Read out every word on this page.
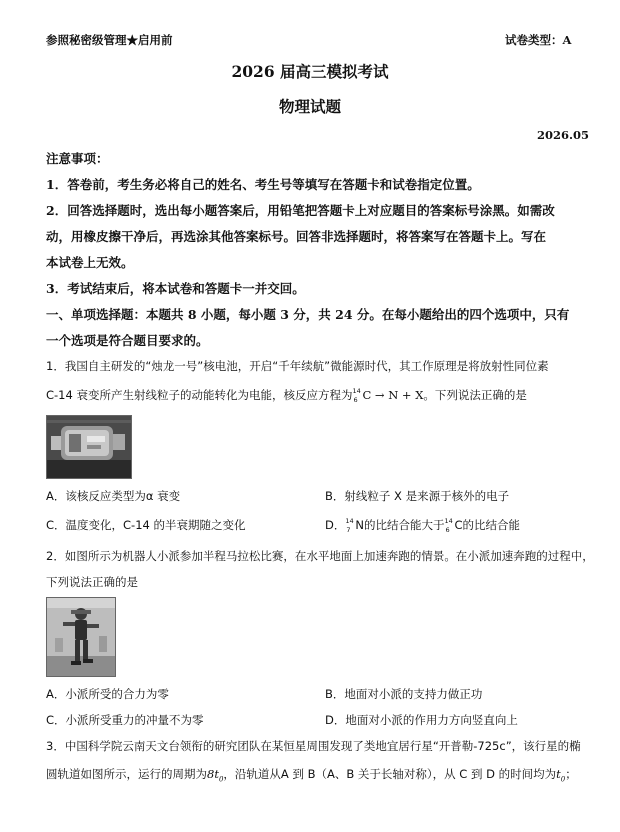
参照秘密级管理★启用前	试卷类型：A
2026 届高三模拟考试
物理试题
2026.05
注意事项：
1．答卷前，考生务必将自己的姓名、考生号等填写在答题卡和试卷指定位置。
2．回答选择题时，选出每小题答案后，用铅笔把答题卡上对应题目的答案标号涂黑。如需改
动，用橡皮擦干净后，再选涂其他答案标号。回答非选择题时，将答案写在答题卡上。写在
本试卷上无效。
3．考试结束后，将本试卷和答题卡一并交回。
一、单项选择题：本题共 8 小题，每小题 3 分，共 24 分。在每小题给出的四个选项中，只有
一个选项是符合题目要求的。
1．我国自主研发的“烛龙一号”核电池，开启“千年续航”微能源时代，其工作原理是将放射性同位素
C-14 衰变所产生射线粒子的动能转化为电能，核反应方程为 14
6 C → N + X。下列说法正确的是
A．该核反应类型为α 衰变	B．射线粒子 X 是来源于核外的电子
C．温度变化，C-14 的半衰期随之变化	D． 14
7 N的比结合能大于 14
6 C的比结合能
2．如图所示为机器人小派参加半程马拉松比赛，在水平地面上加速奔跑的情景。在小派加速奔跑的过程中，
下列说法正确的是
A．小派所受的合力为零	B．地面对小派的支持力做正功
C．小派所受重力的冲量不为零	D．地面对小派的作用力方向竖直向上
3．中国科学院云南天文台领衔的研究团队在某恒星周围发现了类地宜居行星“开普勒-725c”，该行星的椭
圆轨道如图所示，运行的周期为$8t_0$，沿轨道从A 到 B（A、B 关于长轴对称），从 C 到 D 的时间均为$t_0$；
